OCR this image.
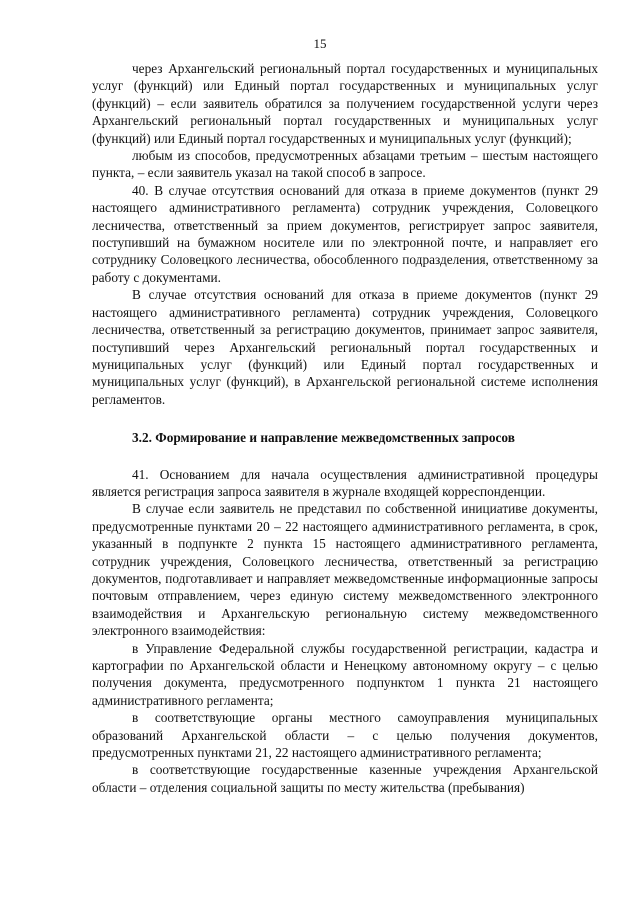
15

через Архангельский региональный портал государственных и муниципальных услуг (функций) или Единый портал государственных и муниципальных услуг (функций) – если заявитель обратился за получением государственной услуги через Архангельский региональный портал государственных и муниципальных услуг (функций) или Единый портал государственных и муниципальных услуг (функций);

любым из способов, предусмотренных абзацами третьим – шестым настоящего пункта, – если заявитель указал на такой способ в запросе.

40. В случае отсутствия оснований для отказа в приеме документов (пункт 29 настоящего административного регламента) сотрудник учреждения, Соловецкого лесничества, ответственный за прием документов, регистрирует запрос заявителя, поступивший на бумажном носителе или по электронной почте, и направляет его сотруднику Соловецкого лесничества, обособленного подразделения, ответственному за работу с документами.

В случае отсутствия оснований для отказа в приеме документов (пункт 29 настоящего административного регламента) сотрудник учреждения, Соловецкого лесничества, ответственный за регистрацию документов, принимает запрос заявителя, поступивший через Архангельский региональный портал государственных и муниципальных услуг (функций) или Единый портал государственных и муниципальных услуг (функций), в Архангельской региональной системе исполнения регламентов.

3.2. Формирование и направление межведомственных запросов

41. Основанием для начала осуществления административной процедуры является регистрация запроса заявителя в журнале входящей корреспонденции.

В случае если заявитель не представил по собственной инициативе документы, предусмотренные пунктами 20 – 22 настоящего административного регламента, в срок, указанный в подпункте 2 пункта 15 настоящего административного регламента, сотрудник учреждения, Соловецкого лесничества, ответственный за регистрацию документов, подготавливает и направляет межведомственные информационные запросы почтовым отправлением, через единую систему межведомственного электронного взаимодействия и Архангельскую региональную систему межведомственного электронного взаимодействия:

в Управление Федеральной службы государственной регистрации, кадастра и картографии по Архангельской области и Ненецкому автономному округу – с целью получения документа, предусмотренного подпунктом 1 пункта 21 настоящего административного регламента;

в соответствующие органы местного самоуправления муниципальных образований Архангельской области – с целью получения документов, предусмотренных пунктами 21, 22 настоящего административного регламента;

в соответствующие государственные казенные учреждения Архангельской области – отделения социальной защиты по месту жительства (пребывания)
